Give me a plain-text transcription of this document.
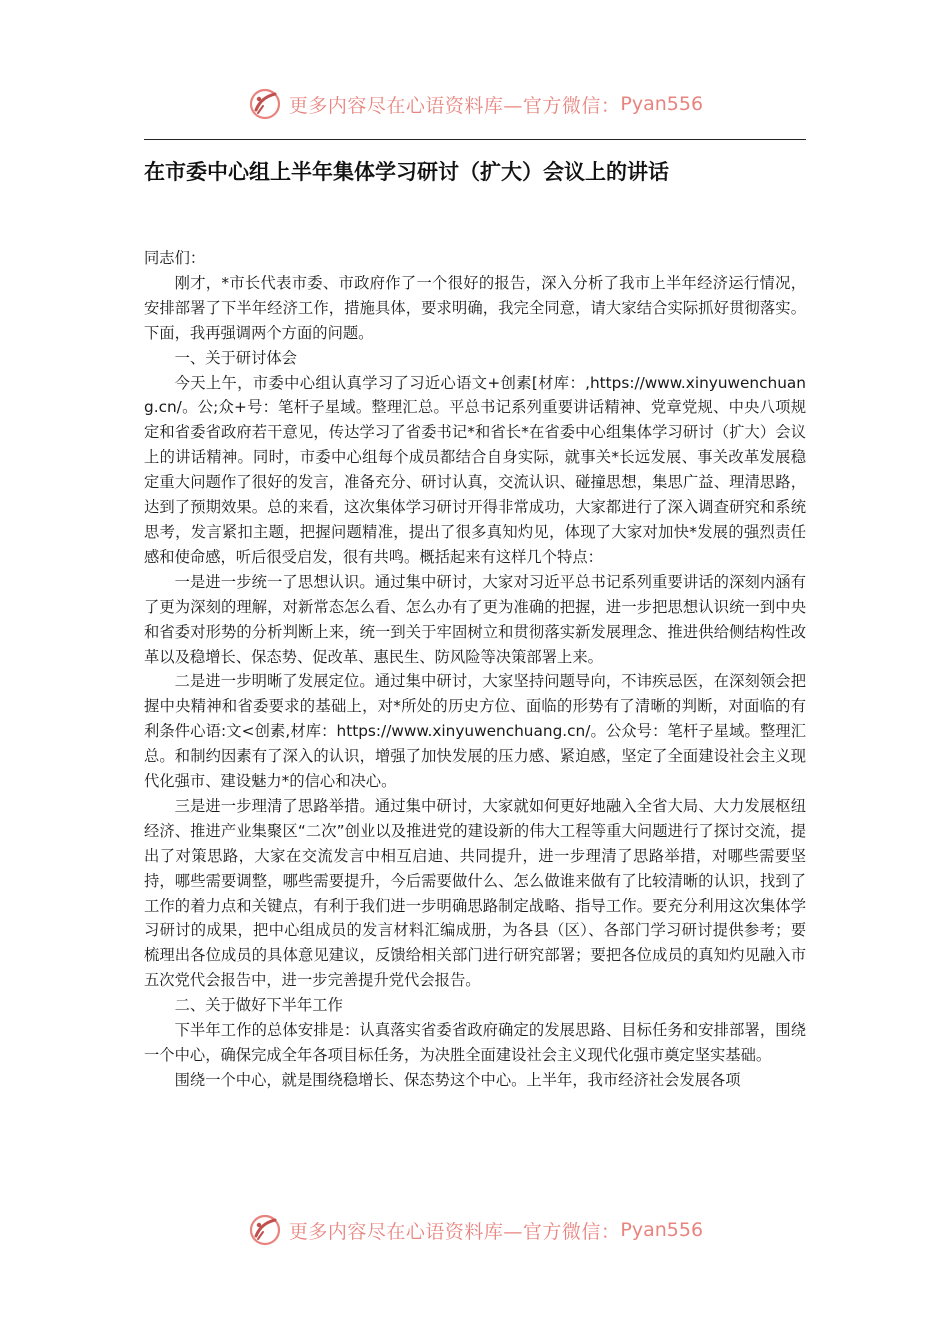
更多内容尽在心语资料库—官方微信： Pyan556
在市委中心组上半年集体学习研讨（扩大）会议上的讲话

同志们：

刚才，*市长代表市委、市政府作了一个很好的报告，深入分析了我市上半年经济运行情况，安排部署了下半年经济工作，措施具体，要求明确，我完全同意，请大家结合实际抓好贯彻落实。下面，我再强调两个方面的问题。

一、关于研讨体会

今天上午，市委中心组认真学习了习近心语文+创素[材库：,https://www.xinyuwenchuang.cn/。公;众+号：笔杆子星域。整理汇总。平总书记系列重要讲话精神、党章党规、中央八项规定和省委省政府若干意见，传达学习了省委书记*和省长*在省委中心组集体学习研讨（扩大）会议上的讲话精神。同时，市委中心组每个成员都结合自身实际，就事关*长远发展、事关改革发展稳定重大问题作了很好的发言，准备充分、研讨认真，交流认识、碰撞思想，集思广益、理清思路，达到了预期效果。总的来看，这次集体学习研讨开得非常成功，大家都进行了深入调查研究和系统思考，发言紧扣主题，把握问题精准，提出了很多真知灼见，体现了大家对加快*发展的强烈责任感和使命感，听后很受启发，很有共鸣。概括起来有这样几个特点：

一是进一步统一了思想认识。通过集中研讨，大家对习近平总书记系列重要讲话的深刻内涵有了更为深刻的理解，对新常态怎么看、怎么办有了更为准确的把握，进一步把思想认识统一到中央和省委对形势的分析判断上来，统一到关于牢固树立和贯彻落实新发展理念、推进供给侧结构性改革以及稳增长、保态势、促改革、惠民生、防风险等决策部署上来。

二是进一步明晰了发展定位。通过集中研讨，大家坚持问题导向，不讳疾忌医，在深刻领会把握中央精神和省委要求的基础上，对*所处的历史方位、面临的形势有了清晰的判断，对面临的有利条件心语:文<创素,材库：https://www.xinyuwenchuang.cn/。公众号：笔杆子星域。整理汇总。和制约因素有了深入的认识，增强了加快发展的压力感、紧迫感，坚定了全面建设社会主义现代化强市、建设魅力*的信心和决心。

三是进一步理清了思路举措。通过集中研讨，大家就如何更好地融入全省大局、大力发展枢纽经济、推进产业集聚区“二次”创业以及推进党的建设新的伟大工程等重大问题进行了探讨交流，提出了对策思路，大家在交流发言中相互启迪、共同提升，进一步理清了思路举措，对哪些需要坚持，哪些需要调整，哪些需要提升，今后需要做什么、怎么做谁来做有了比较清晰的认识，找到了工作的着力点和关键点，有利于我们进一步明确思路制定战略、指导工作。要充分利用这次集体学习研讨的成果，把中心组成员的发言材料汇编成册，为各县（区）、各部门学习研讨提供参考；要梳理出各位成员的具体意见建议，反馈给相关部门进行研究部署；要把各位成员的真知灼见融入市五次党代会报告中，进一步完善提升党代会报告。

二、关于做好下半年工作

下半年工作的总体安排是：认真落实省委省政府确定的发展思路、目标任务和安排部署，围绕一个中心，确保完成全年各项目标任务，为决胜全面建设社会主义现代化强市奠定坚实基础。

围绕一个中心，就是围绕稳增长、保态势这个中心。上半年，我市经济社会发展各项

更多内容尽在心语资料库—官方微信： Pyan556
